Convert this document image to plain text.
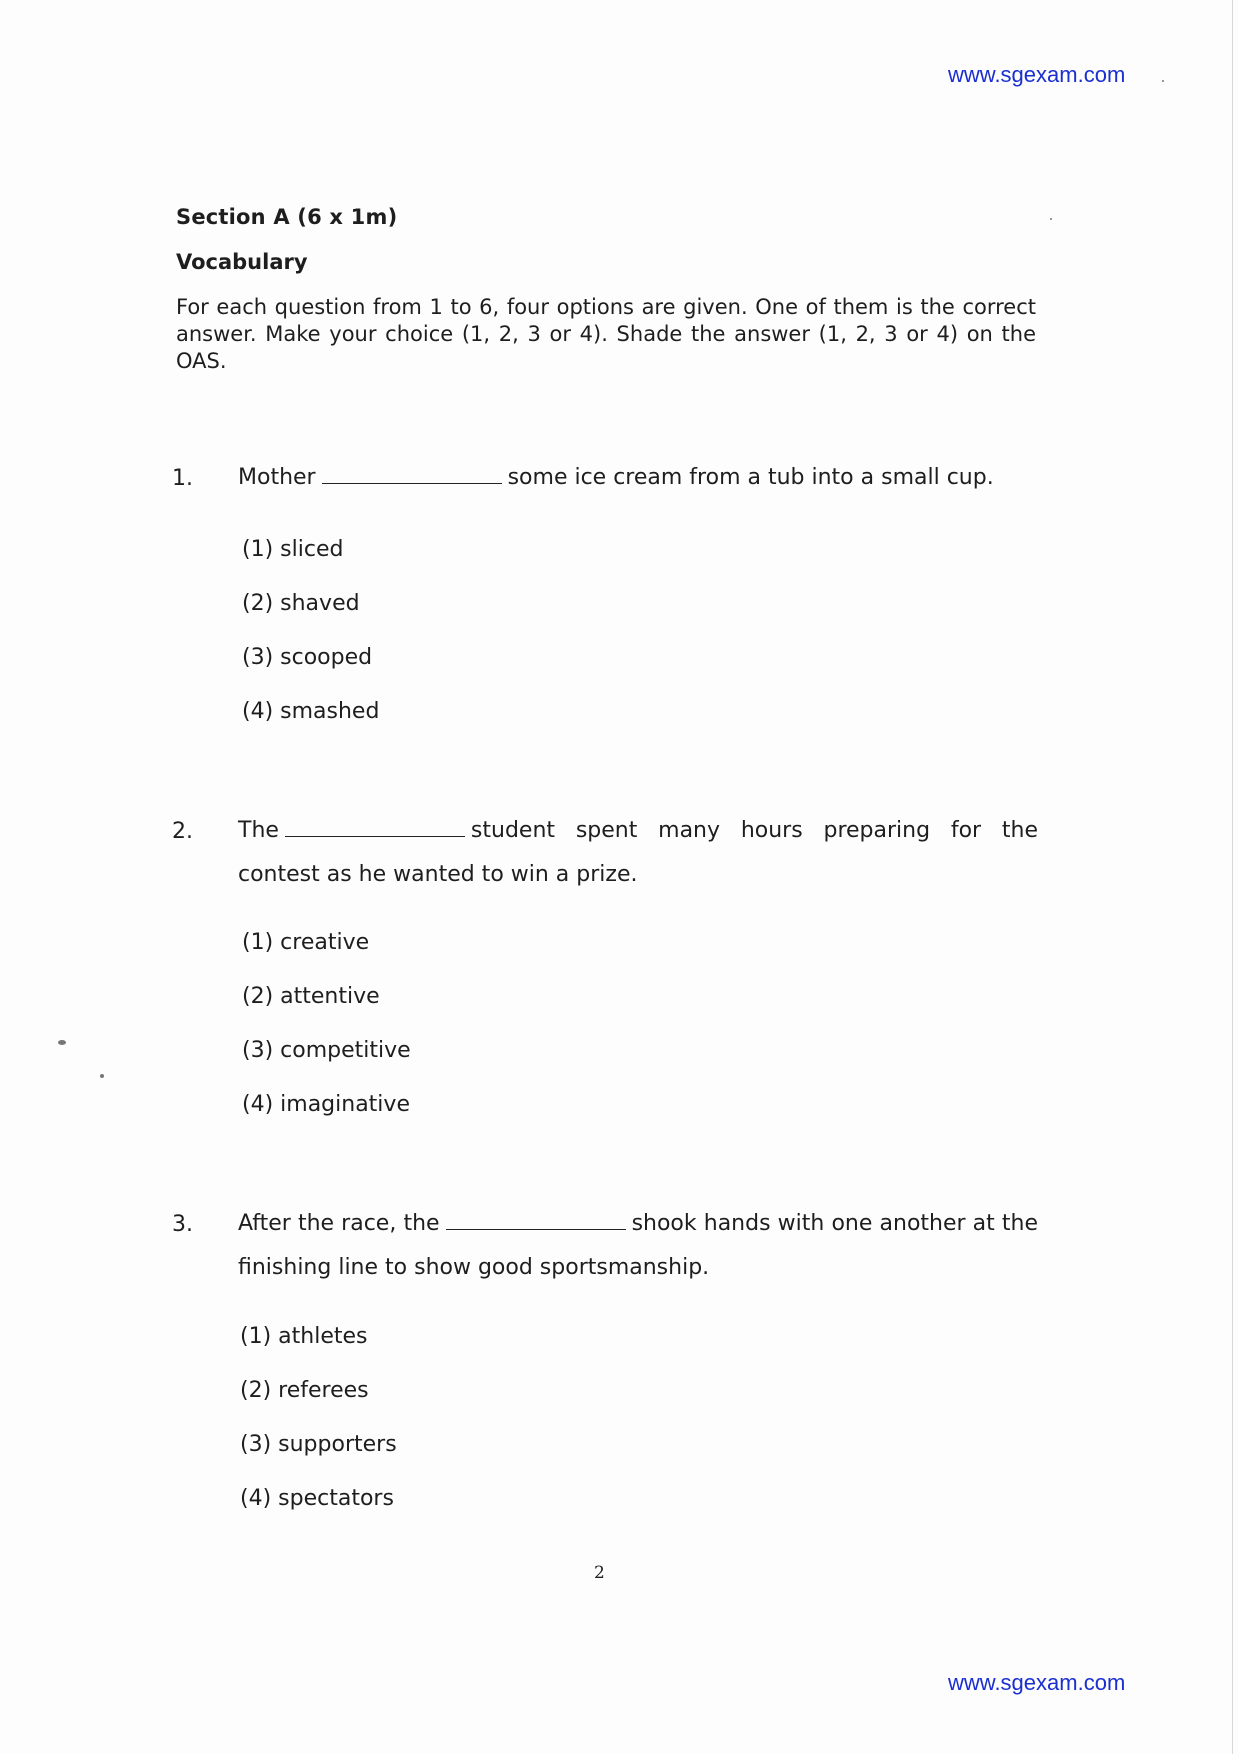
www.sgexam.com
Section A (6 x 1m)
Vocabulary
For each question from 1 to 6, four options are given. One of them is the correct answer. Make your choice (1, 2, 3 or 4). Shade the answer (1, 2, 3 or 4) on the OAS.
1. Mother	some ice cream from a tub into a small cup.
(1) sliced
(2) shaved
(3) scooped
(4) smashed
2. The	student spent many hours preparing for the contest as he wanted to win a prize.
(1) creative
(2) attentive
(3) competitive
(4) imaginative
3. After the race, the	shook hands with one another at the finishing line to show good sportsmanship.
(1) athletes
(2) referees
(3) supporters
(4) spectators
2
www.sgexam.com
